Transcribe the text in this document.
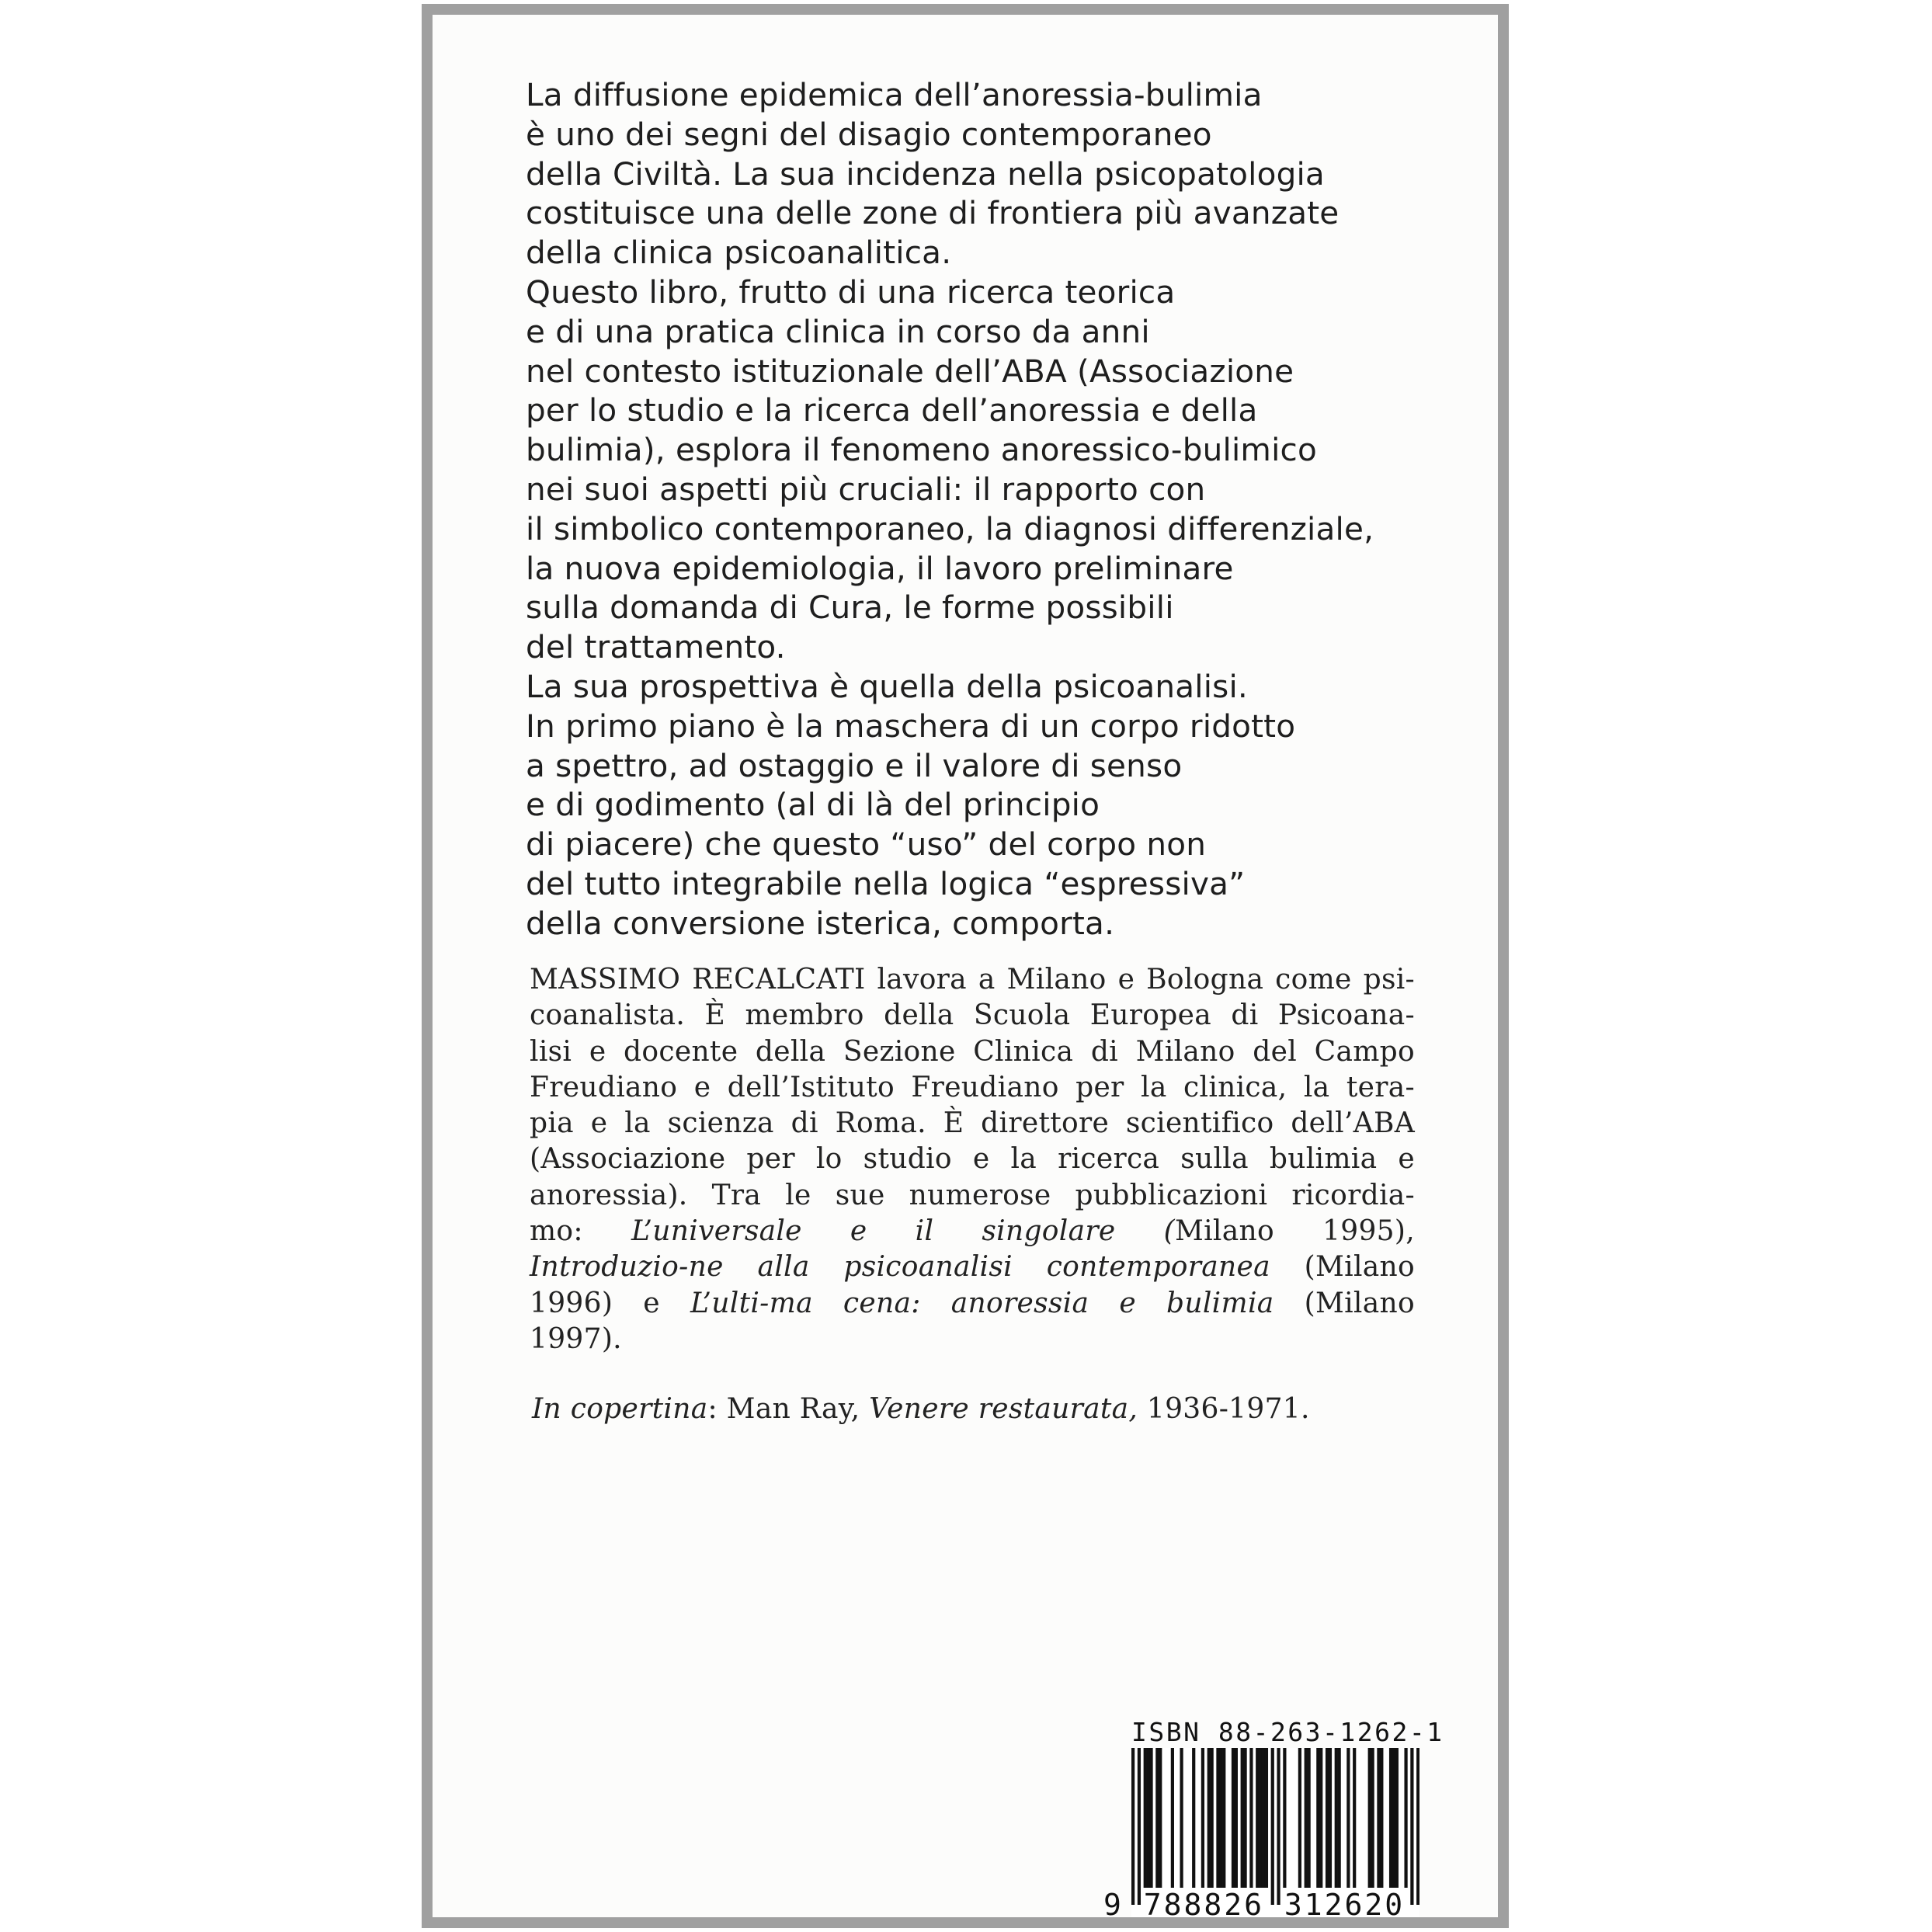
La diffusione epidemica dell’anoressia-bulimia
è uno dei segni del disagio contemporaneo
della Civiltà. La sua incidenza nella psicopatologia
costituisce una delle zone di frontiera più avanzate
della clinica psicoanalitica.
Questo libro, frutto di una ricerca teorica
e di una pratica clinica in corso da anni
nel contesto istituzionale dell’ABA (Associazione
per lo studio e la ricerca dell’anoressia e della
bulimia), esplora il fenomeno anoressico-bulimico
nei suoi aspetti più cruciali: il rapporto con
il simbolico contemporaneo, la diagnosi differenziale,
la nuova epidemiologia, il lavoro preliminare
sulla domanda di Cura, le forme possibili
del trattamento.
La sua prospettiva è quella della psicoanalisi.
In primo piano è la maschera di un corpo ridotto
a spettro, ad ostaggio e il valore di senso
e di godimento (al di là del principio
di piacere) che questo “uso” del corpo non
del tutto integrabile nella logica “espressiva”
della conversione isterica, comporta.
MASSIMO RECALCATI lavora a Milano e Bologna come psi-
coanalista. È membro della Scuola Europea di Psicoana-
lisi e docente della Sezione Clinica di Milano del Campo
Freudiano e dell’Istituto Freudiano per la clinica, la tera-
pia e la scienza di Roma. È direttore scientifico dell’ABA
(Associazione per lo studio e la ricerca sulla bulimia e
anoressia). Tra le sue numerose pubblicazioni ricordia-
mo: L’universale e il singolare (Milano 1995),
Introduzio-ne alla psicoanalisi contemporanea (Milano
1996) e L’ulti-ma cena: anoressia e bulimia (Milano
1997).
In copertina: Man Ray, Venere restaurata, 1936-1971.
ISBN 88-263-1262-1
9 788826 312620
